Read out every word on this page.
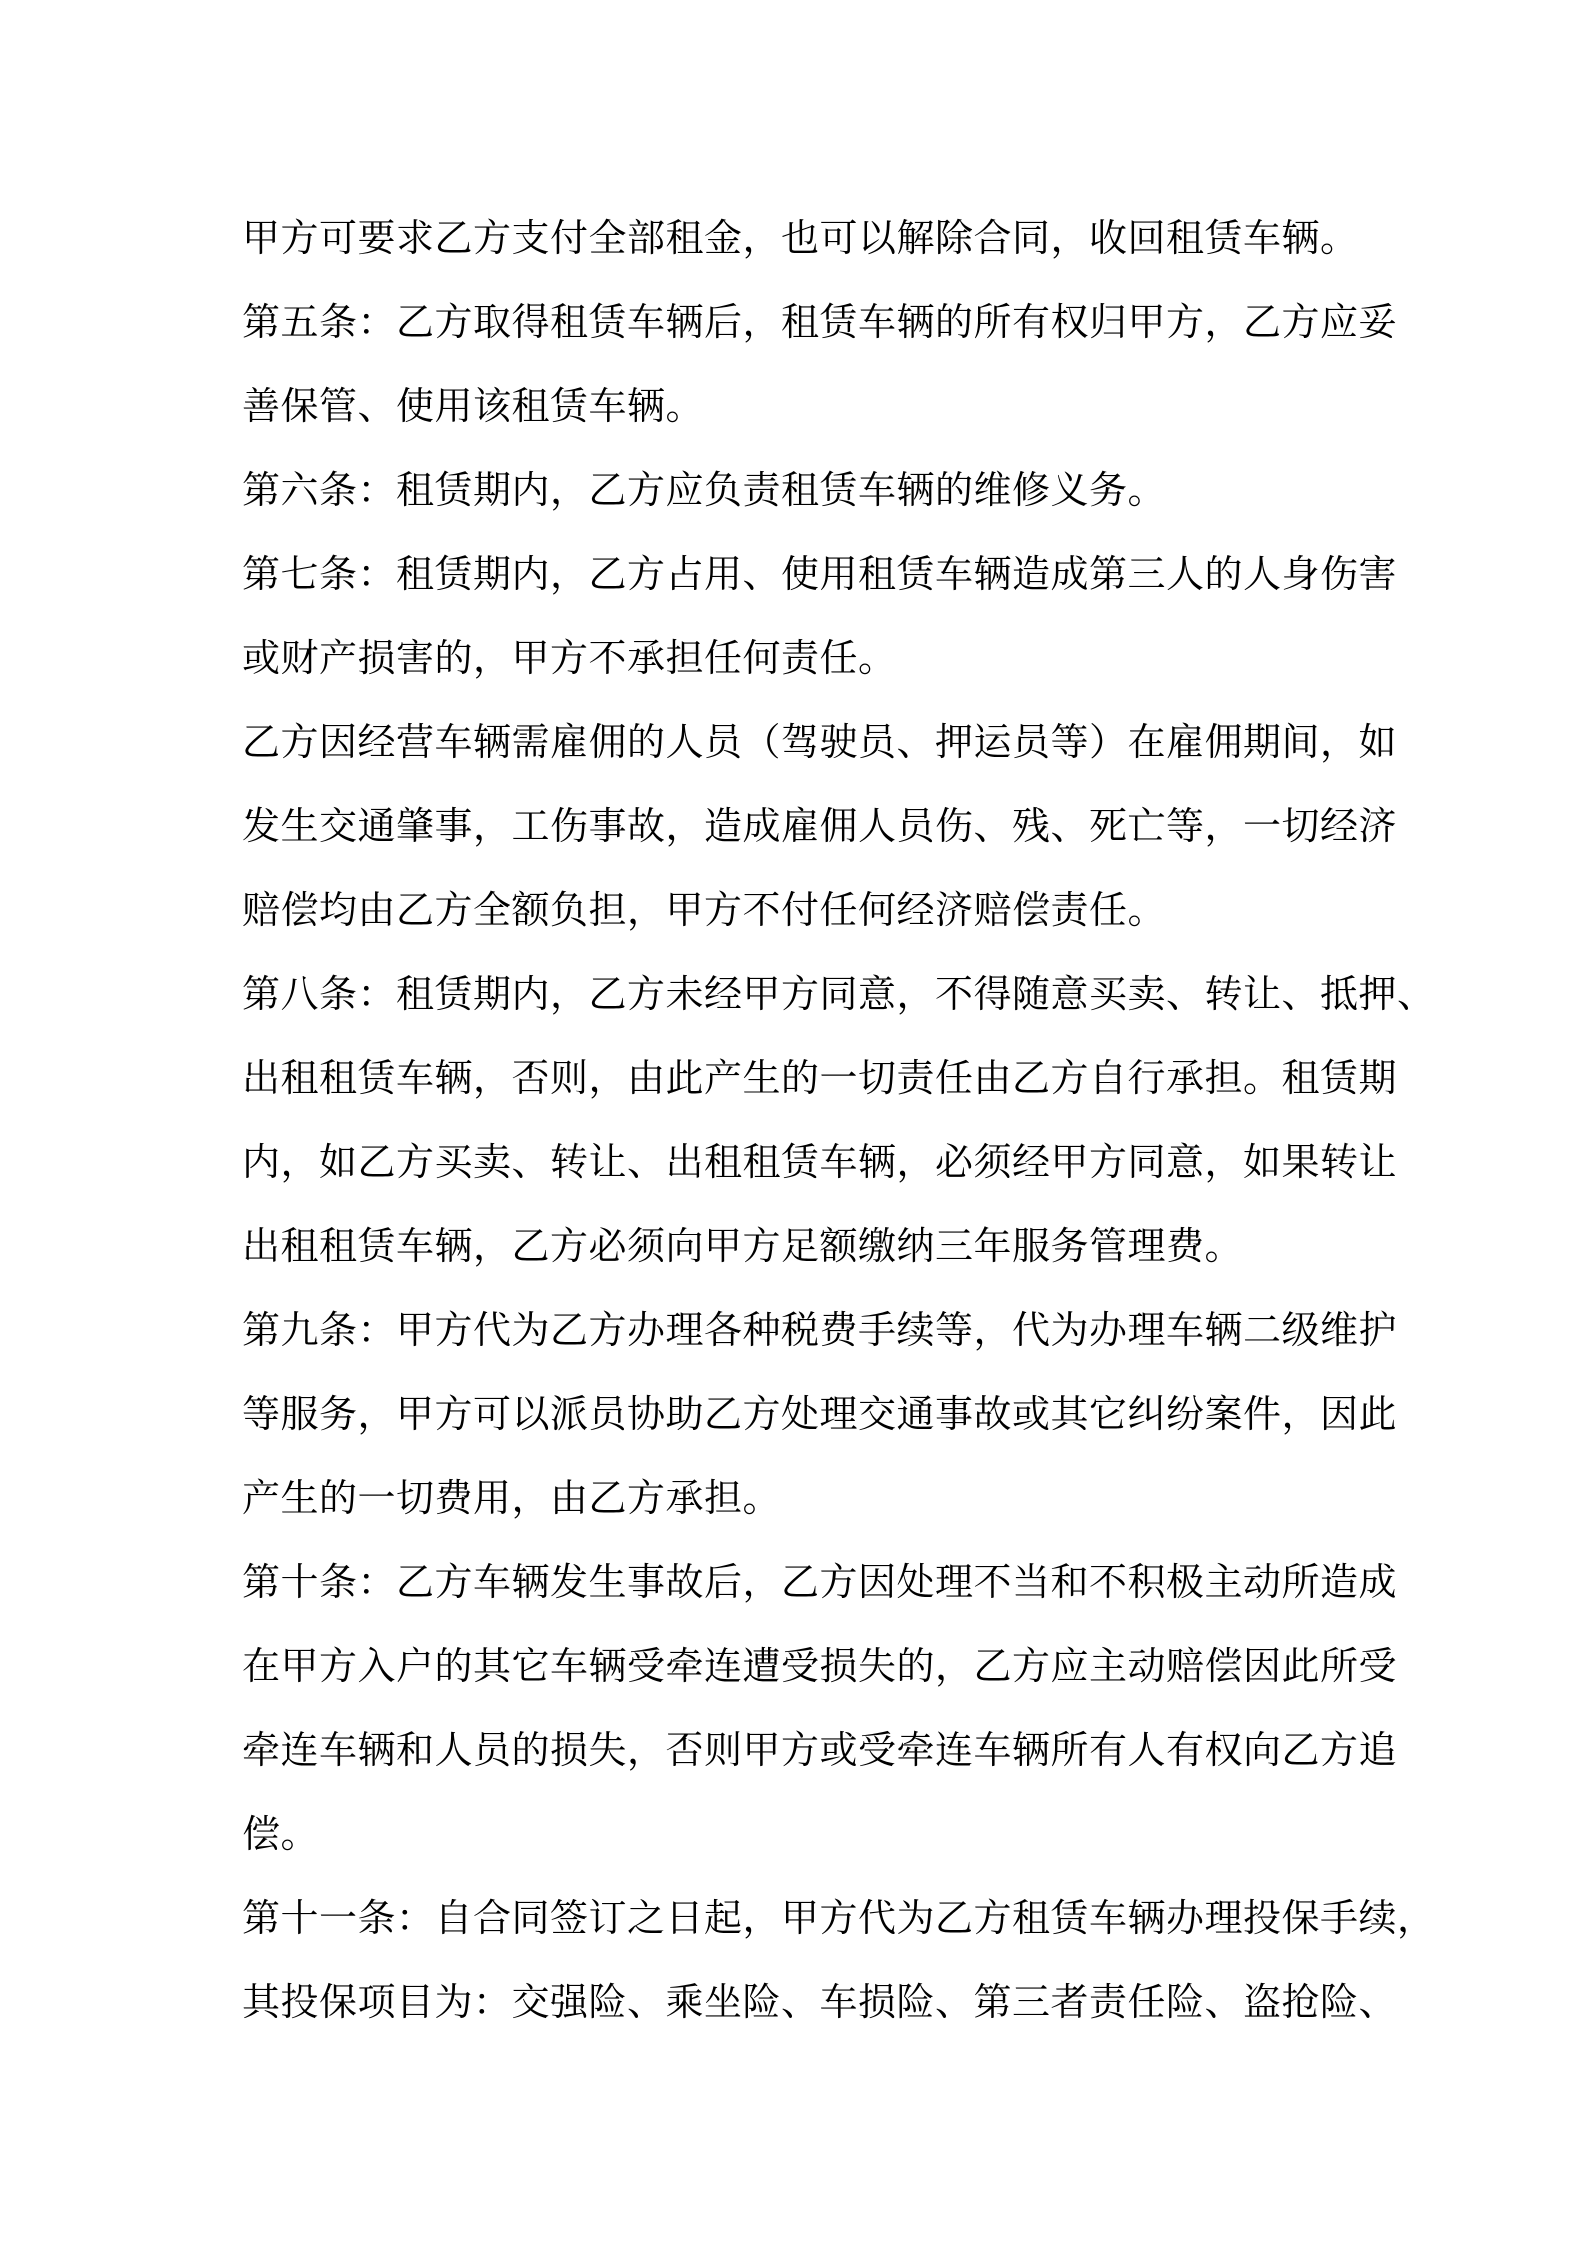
甲方可要求乙方支付全部租金，也可以解除合同，收回租赁车辆。
第五条：乙方取得租赁车辆后，租赁车辆的所有权归甲方，乙方应妥
善保管、使用该租赁车辆。
第六条：租赁期内，乙方应负责租赁车辆的维修义务。
第七条：租赁期内，乙方占用、使用租赁车辆造成第三人的人身伤害
或财产损害的，甲方不承担任何责任。
乙方因经营车辆需雇佣的人员（驾驶员、押运员等）在雇佣期间，如
发生交通肇事，工伤事故，造成雇佣人员伤、残、死亡等，一切经济
赔偿均由乙方全额负担，甲方不付任何经济赔偿责任。
第八条：租赁期内，乙方未经甲方同意，不得随意买卖、转让、抵押、
出租租赁车辆，否则，由此产生的一切责任由乙方自行承担。租赁期
内，如乙方买卖、转让、出租租赁车辆，必须经甲方同意，如果转让
出租租赁车辆，乙方必须向甲方足额缴纳三年服务管理费。
第九条：甲方代为乙方办理各种税费手续等，代为办理车辆二级维护
等服务，甲方可以派员协助乙方处理交通事故或其它纠纷案件，因此
产生的一切费用，由乙方承担。
第十条：乙方车辆发生事故后，乙方因处理不当和不积极主动所造成
在甲方入户的其它车辆受牵连遭受损失的，乙方应主动赔偿因此所受
牵连车辆和人员的损失，否则甲方或受牵连车辆所有人有权向乙方追
偿。
第十一条：自合同签订之日起，甲方代为乙方租赁车辆办理投保手续，
其投保项目为：交强险、乘坐险、车损险、第三者责任险、盗抢险、
